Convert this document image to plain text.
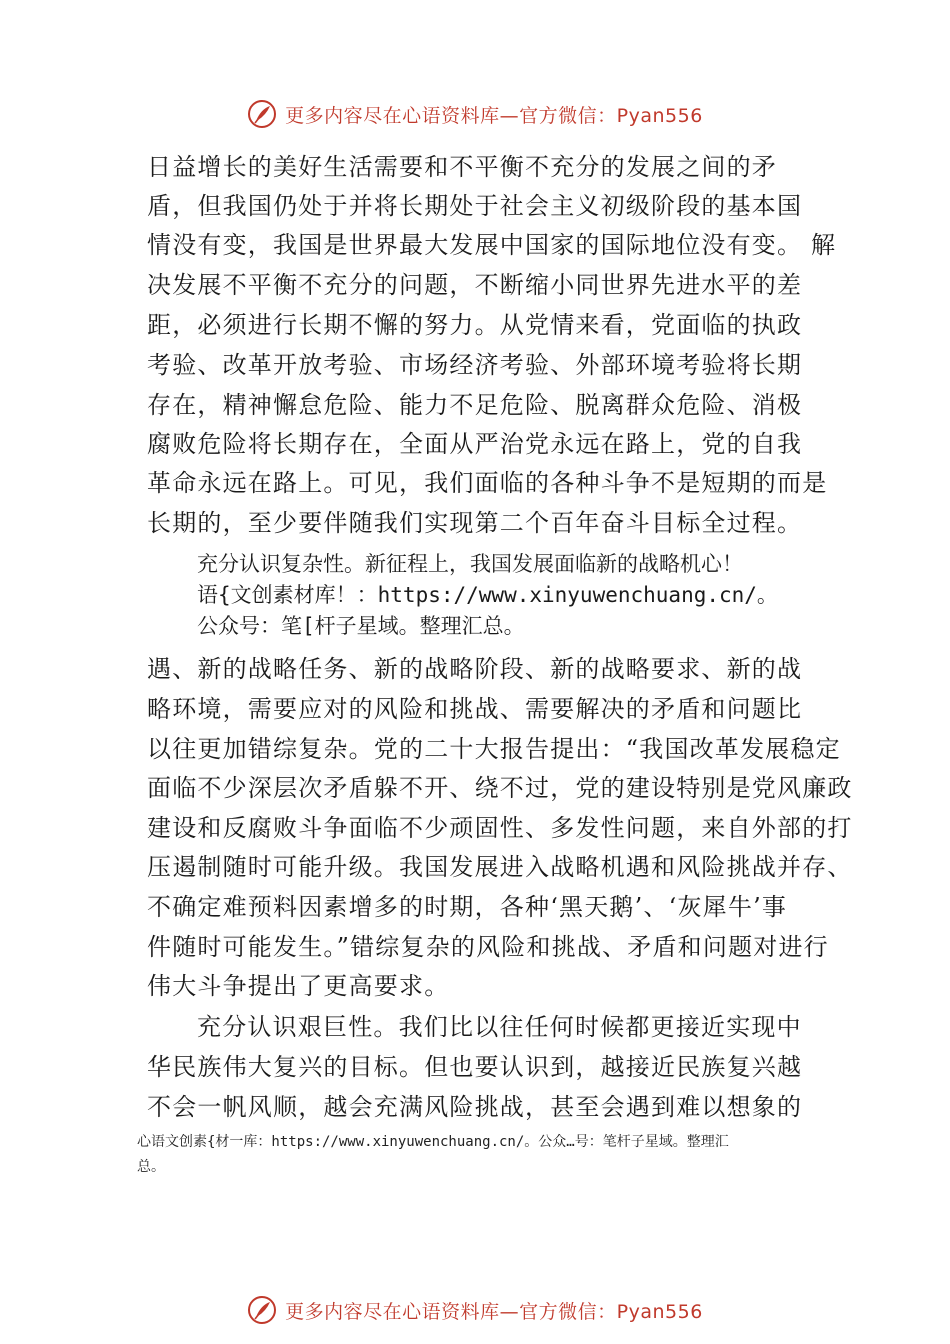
更多内容尽在心语资料库—官方微信：Pyan556
日益增长的美好生活需要和不平衡不充分的发展之间的矛
盾，但我国仍处于并将长期处于社会主义初级阶段的基本国
情没有变，我国是世界最大发展中国家的国际地位没有变。 解
决发展不平衡不充分的问题，不断缩小同世界先进水平的差
距，必须进行长期不懈的努力。从党情来看，党面临的执政
考验、改革开放考验、市场经济考验、外部环境考验将长期
存在，精神懈怠危险、能力不足危险、脱离群众危险、消极
腐败危险将长期存在，全面从严治党永远在路上，党的自我
革命永远在路上。可见，我们面临的各种斗争不是短期的而是
长期的，至少要伴随我们实现第二个百年奋斗目标全过程。
充分认识复杂性。新征程上，我国发展面临新的战略机心！
语{文创素材库！：https://www.xinyuwenchuang.cn/。
公众号：笔[杆子星域。整理汇总。
遇、新的战略任务、新的战略阶段、新的战略要求、新的战
略环境，需要应对的风险和挑战、需要解决的矛盾和问题比
以往更加错综复杂。党的二十大报告提出：“我国改革发展稳定
面临不少深层次矛盾躲不开、绕不过，党的建设特别是党风廉政
建设和反腐败斗争面临不少顽固性、多发性问题，来自外部的打
压遏制随时可能升级。我国发展进入战略机遇和风险挑战并存、
不确定难预料因素增多的时期，各种‘黑天鹅’、‘灰犀牛’事
件随时可能发生。”错综复杂的风险和挑战、矛盾和问题对进行
伟大斗争提出了更高要求。
充分认识艰巨性。我们比以往任何时候都更接近实现中
华民族伟大复兴的目标。但也要认识到，越接近民族复兴越
不会一帆风顺，越会充满风险挑战，甚至会遇到难以想象的
心语文创素{材一库：https://www.xinyuwenchuang.cn/。公众…号：笔杆子星域。整理汇
总。
更多内容尽在心语资料库—官方微信：Pyan556
